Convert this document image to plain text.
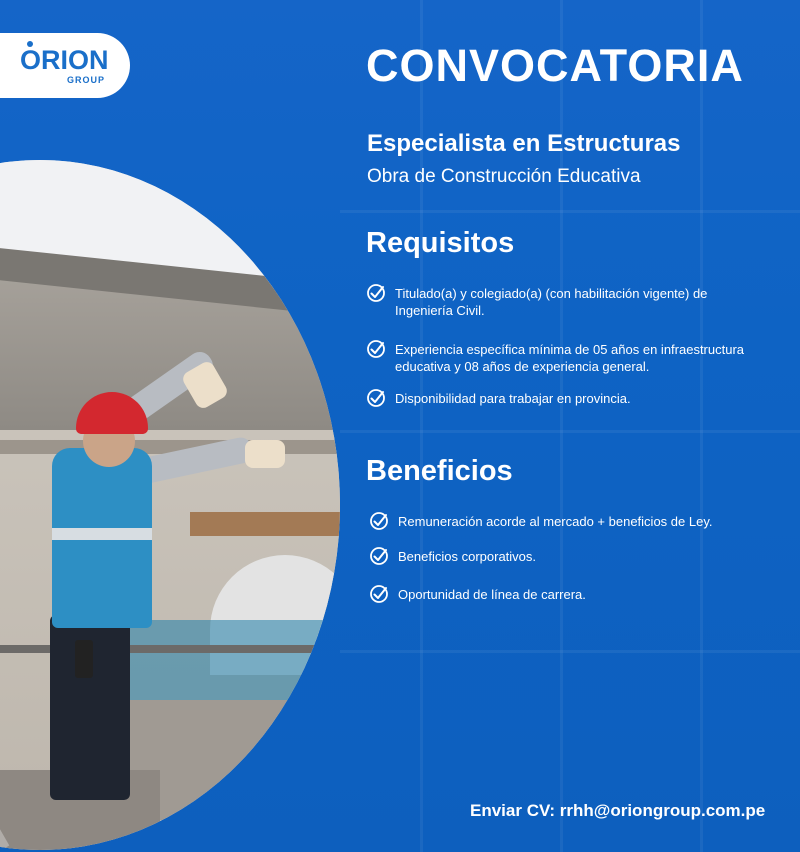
ORION
GROUP	CONVOCATORIA
Especialista en Estructuras
Obra de Construcción Educativa
Requisitos
Titulado(a) y colegiado(a) (con habilitación vigente) de Ingeniería Civil.
Experiencia específica mínima de 05 años en infraestructura educativa y 08 años de experiencia general.
Disponibilidad para trabajar en provincia.
Beneficios
Remuneración acorde al mercado + beneficios de Ley.
Beneficios corporativos.
Oportunidad de línea de carrera.
Enviar CV: rrhh@oriongroup.com.pe
